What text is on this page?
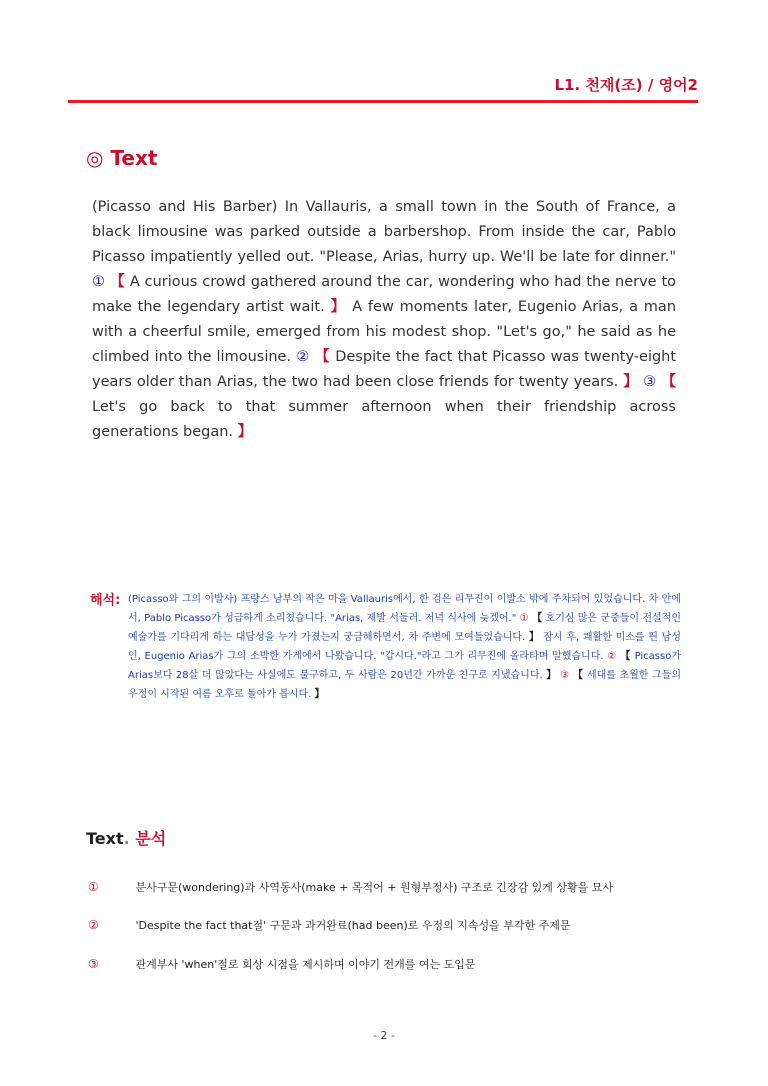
L1. 천재(조) / 영어2
◎ Text
(Picasso and His Barber) In Vallauris, a small town in the South of France, a black limousine was parked outside a barbershop. From inside the car, Pablo Picasso impatiently yelled out. "Please, Arias, hurry up. We'll be late for dinner." ① 【 A curious crowd gathered around the car, wondering who had the nerve to make the legendary artist wait. 】 A few moments later, Eugenio Arias, a man with a cheerful smile, emerged from his modest shop. "Let's go," he said as he climbed into the limousine. ② 【 Despite the fact that Picasso was twenty-eight years older than Arias, the two had been close friends for twenty years. 】 ③ 【 Let's go back to that summer afternoon when their friendship across generations began. 】
해석: (Picasso와 그의 이발사) 프랑스 남부의 작은 마을 Vallauris에서, 한 검은 리무진이 이발소 밖에 주차되어 있었습니다. 차 안에서, Pablo Picasso가 성급하게 소리쳤습니다. "Arias, 제발 서둘러. 저녁 식사에 늦겠어." ① 【 호기심 많은 군중들이 전설적인 예술가를 기다리게 하는 대담성을 누가 가졌는지 궁금해하면서, 차 주변에 모여들었습니다. 】 잠시 후, 쾌활한 미소를 띈 남성인, Eugenio Arias가 그의 소박한 가게에서 나왔습니다. "갑시다."라고 그가 리무진에 올라타며 말했습니다. ② 【 Picasso가 Arias보다 28살 더 많았다는 사실에도 불구하고, 두 사람은 20년간 가까운 친구로 지냈습니다. 】 ③ 【 세대를 초월한 그들의 우정이 시작된 여름 오후로 돌아가 봅시다. 】
Text. 분석
①	분사구문(wondering)과 사역동사(make + 목적어 + 원형부정사) 구조로 긴장감 있게 상황을 묘사
②	'Despite the fact that절' 구문과 과거완료(had been)로 우정의 지속성을 부각한 주제문
③	관계부사 'when'절로 회상 시점을 제시하며 이야기 전개를 여는 도입문
- 2 -
